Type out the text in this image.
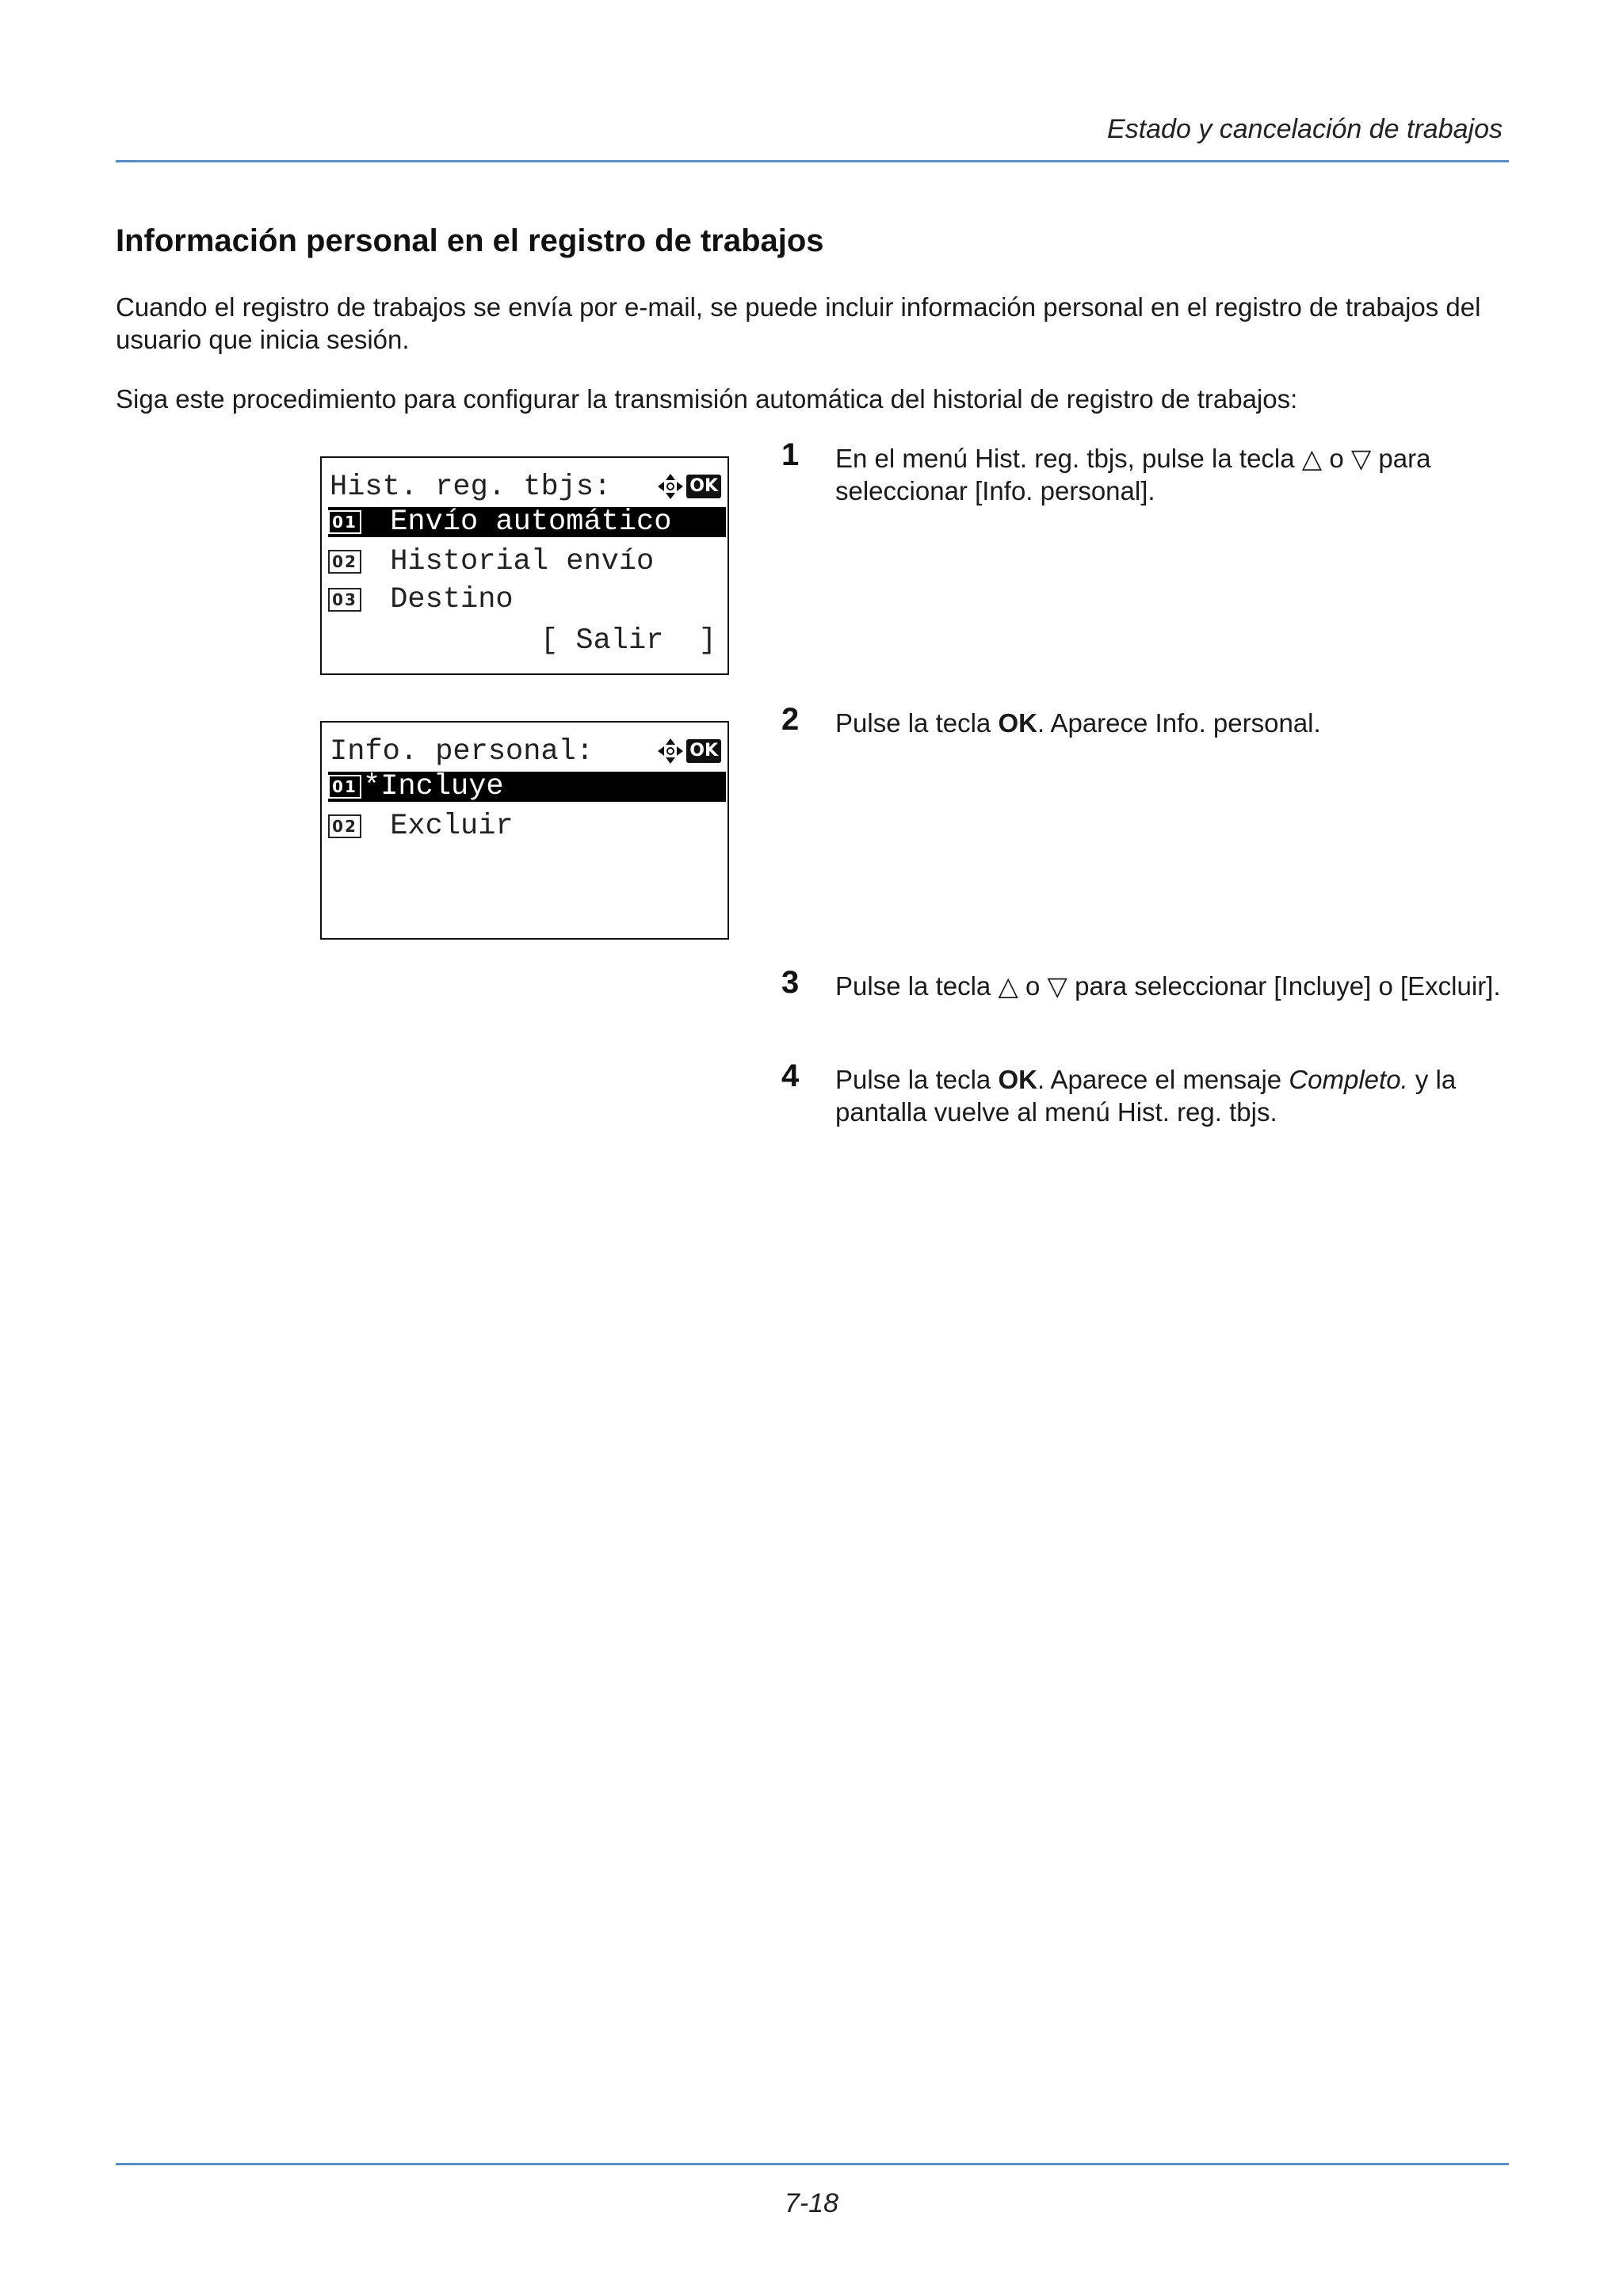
Estado y cancelación de trabajos
Información personal en el registro de trabajos
Cuando el registro de trabajos se envía por e-mail, se puede incluir información personal en el registro de trabajos del usuario que inicia sesión.
Siga este procedimiento para configurar la transmisión automática del historial de registro de trabajos:
Hist. reg. tbjs:	OK
01 Envío automático
02 Historial envío
03 Destino
[ Salir  ]
Info. personal:	OK
01 *Incluye
02 Excluir
1 En el menú Hist. reg. tbjs, pulse la tecla △ o ▽ para seleccionar [Info. personal].
2 Pulse la tecla OK. Aparece Info. personal.
3 Pulse la tecla △ o ▽ para seleccionar [Incluye] o [Excluir].
4 Pulse la tecla OK. Aparece el mensaje Completo. y la pantalla vuelve al menú Hist. reg. tbjs.
7-18
